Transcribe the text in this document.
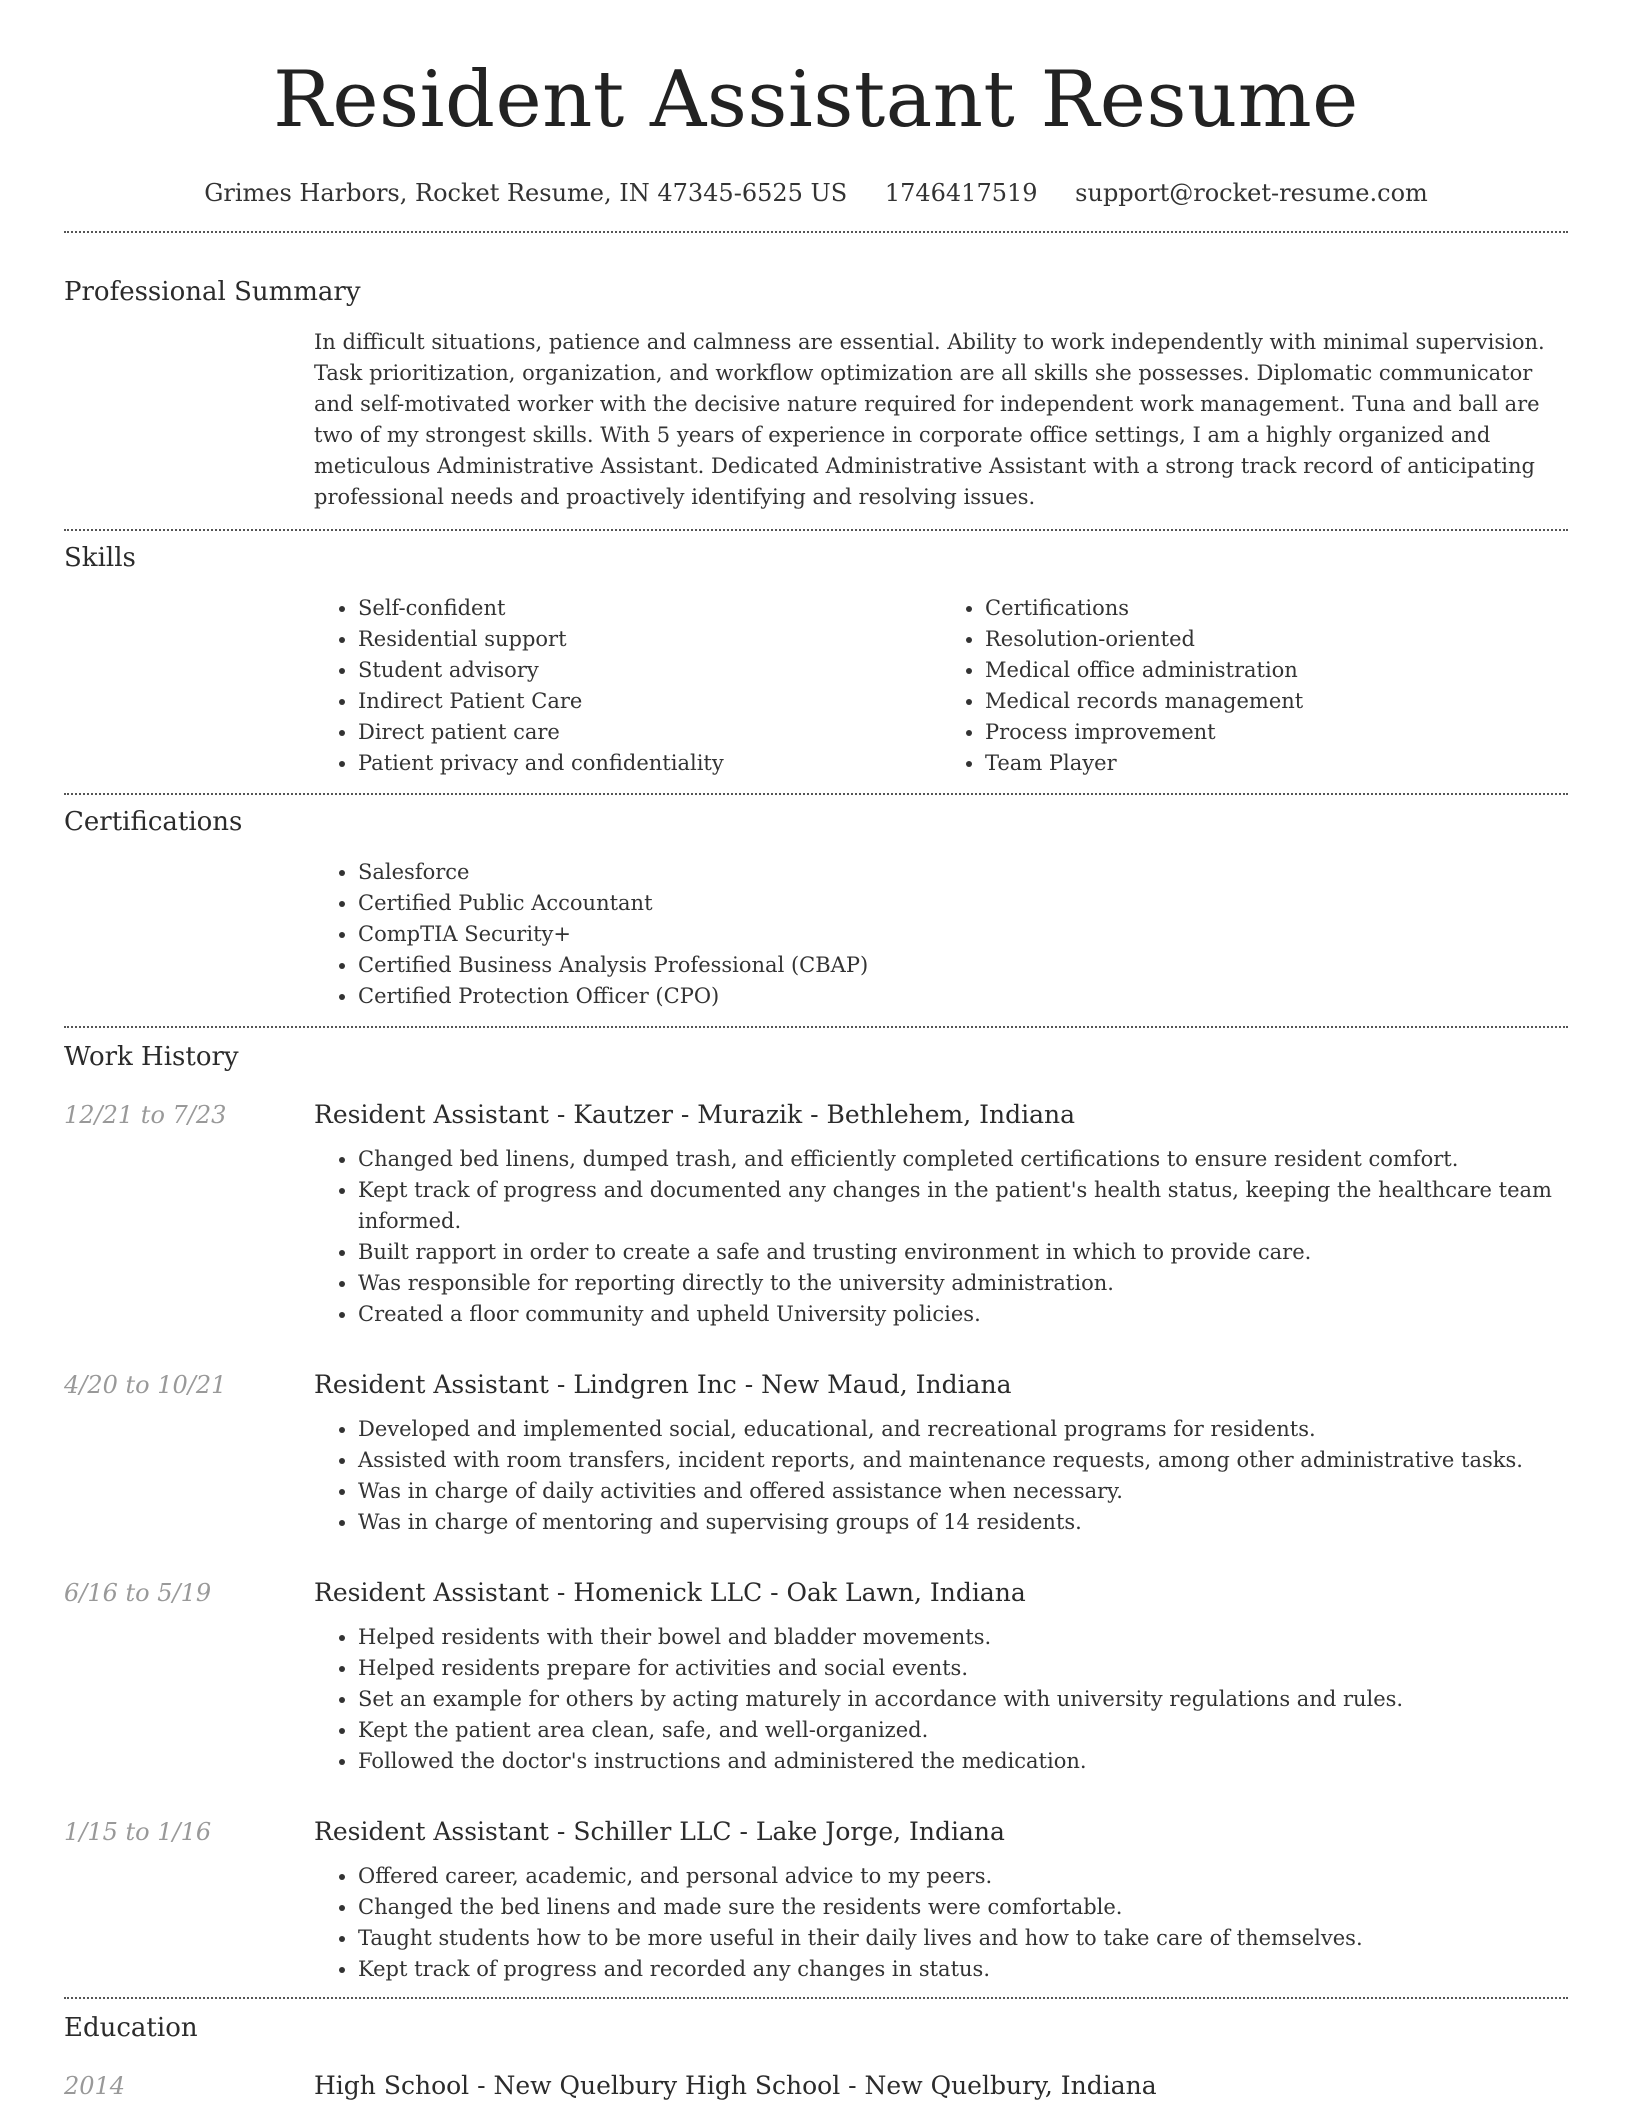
Resident Assistant Resume
Grimes Harbors, Rocket Resume, IN 47345-6525 US 1746417519 support@rocket-resume.com
Professional Summary

In difficult situations, patience and calmness are essential. Ability to work independently with minimal supervision. Task prioritization, organization, and workflow optimization are all skills she possesses. Diplomatic communicator and self-motivated worker with the decisive nature required for independent work management. Tuna and ball are two of my strongest skills. With 5 years of experience in corporate office settings, I am a highly organized and meticulous Administrative Assistant. Dedicated Administrative Assistant with a strong track record of anticipating professional needs and proactively identifying and resolving issues.

Skills
• Self-confident
• Residential support
• Student advisory
• Indirect Patient Care
• Direct patient care
• Patient privacy and confidentiality
• Certifications
• Resolution-oriented
• Medical office administration
• Medical records management
• Process improvement
• Team Player
Certifications
• Salesforce
• Certified Public Accountant
• CompTIA Security+
• Certified Business Analysis Professional (CBAP)
• Certified Protection Officer (CPO)
Work History
12/21 to 7/23	Resident Assistant - Kautzer - Murazik - Bethlehem, Indiana
• Changed bed linens, dumped trash, and efficiently completed certifications to ensure resident comfort.
• Kept track of progress and documented any changes in the patient's health status, keeping the healthcare team informed.
• Built rapport in order to create a safe and trusting environment in which to provide care.
• Was responsible for reporting directly to the university administration.
• Created a floor community and upheld University policies.
4/20 to 10/21	Resident Assistant - Lindgren Inc - New Maud, Indiana
• Developed and implemented social, educational, and recreational programs for residents.
• Assisted with room transfers, incident reports, and maintenance requests, among other administrative tasks.
• Was in charge of daily activities and offered assistance when necessary.
• Was in charge of mentoring and supervising groups of 14 residents.
6/16 to 5/19	Resident Assistant - Homenick LLC - Oak Lawn, Indiana
• Helped residents with their bowel and bladder movements.
• Helped residents prepare for activities and social events.
• Set an example for others by acting maturely in accordance with university regulations and rules.
• Kept the patient area clean, safe, and well-organized.
• Followed the doctor's instructions and administered the medication.
1/15 to 1/16	Resident Assistant - Schiller LLC - Lake Jorge, Indiana
• Offered career, academic, and personal advice to my peers.
• Changed the bed linens and made sure the residents were comfortable.
• Taught students how to be more useful in their daily lives and how to take care of themselves.
• Kept track of progress and recorded any changes in status.
Education
2014	High School - New Quelbury High School - New Quelbury, Indiana
